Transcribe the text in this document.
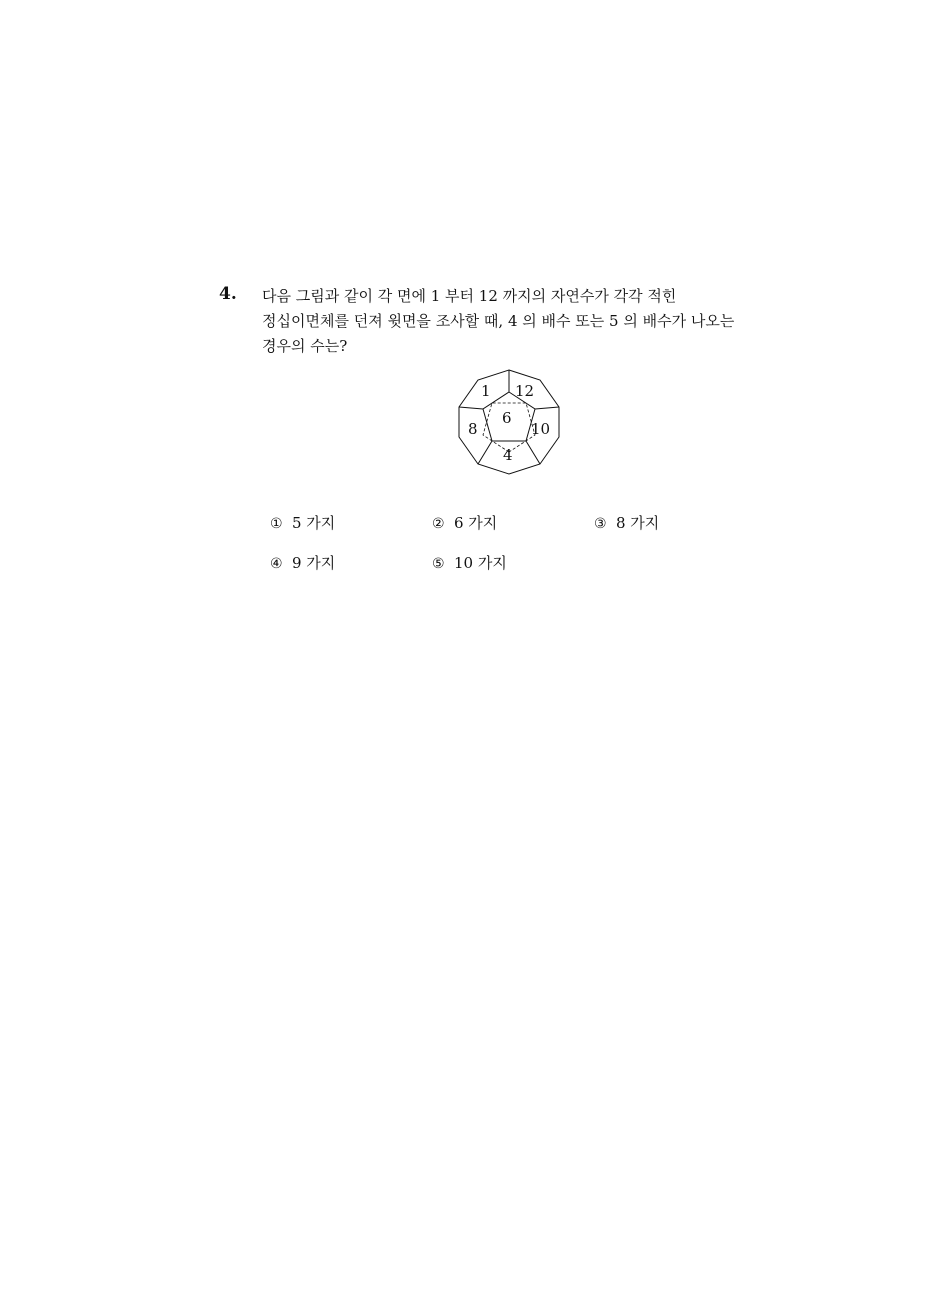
4. 다음 그림과 같이 각 면에 1 부터 12 까지의 자연수가 각각 적힌

정십이면체를 던져 윗면을 조사할 때, 4 의 배수 또는 5 의 배수가 나오는

경우의 수는?

6
1 12
8	10
4
① 5 가지	② 6 가지	③ 8 가지
④ 9 가지	⑤ 10 가지
